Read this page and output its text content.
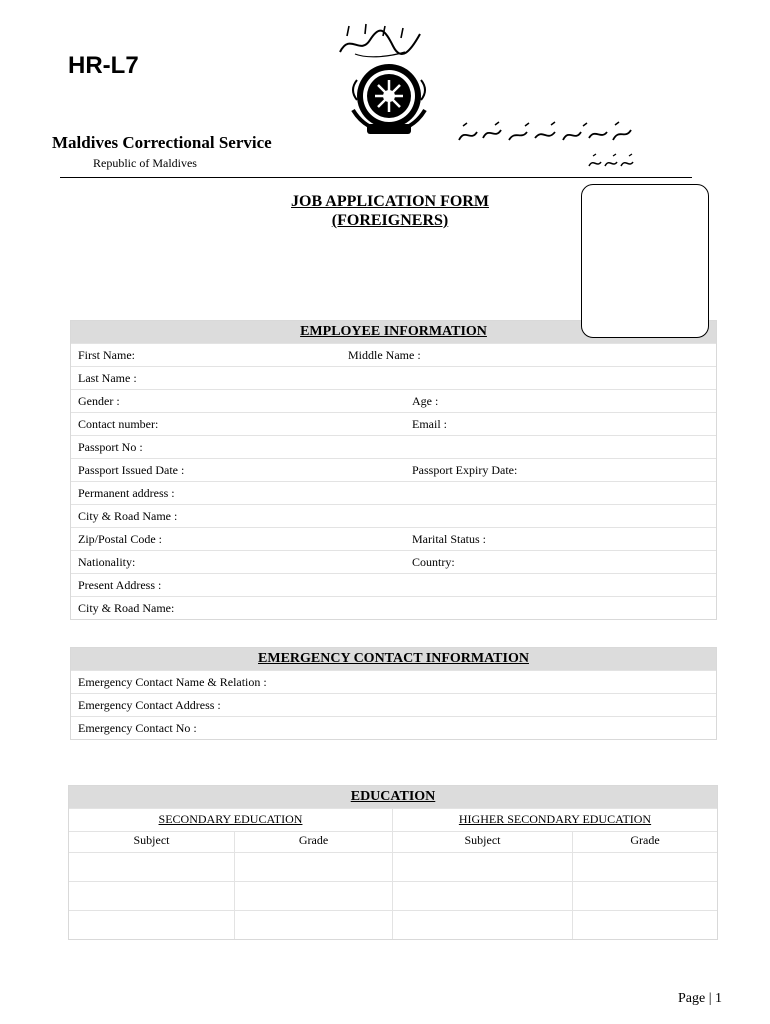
HR-L7
Maldives Correctional Service
Republic of Maldives
JOB APPLICATION FORM
(FOREIGNERS)
EMPLOYEE INFORMATION
First Name:	Middle Name :
Last Name :
Gender :	Age :
Contact number:	Email :
Passport No :
Passport Issued Date :	Passport Expiry Date:
Permanent address :
City & Road Name :
Zip/Postal Code :	Marital Status :
Nationality:	Country:
Present Address :
City & Road Name:
EMERGENCY CONTACT INFORMATION
Emergency Contact Name & Relation :
Emergency Contact Address :
Emergency Contact No :
EDUCATION
SECONDARY EDUCATION	HIGHER SECONDARY EDUCATION
Subject	Grade	Subject	Grade
Page | 1
